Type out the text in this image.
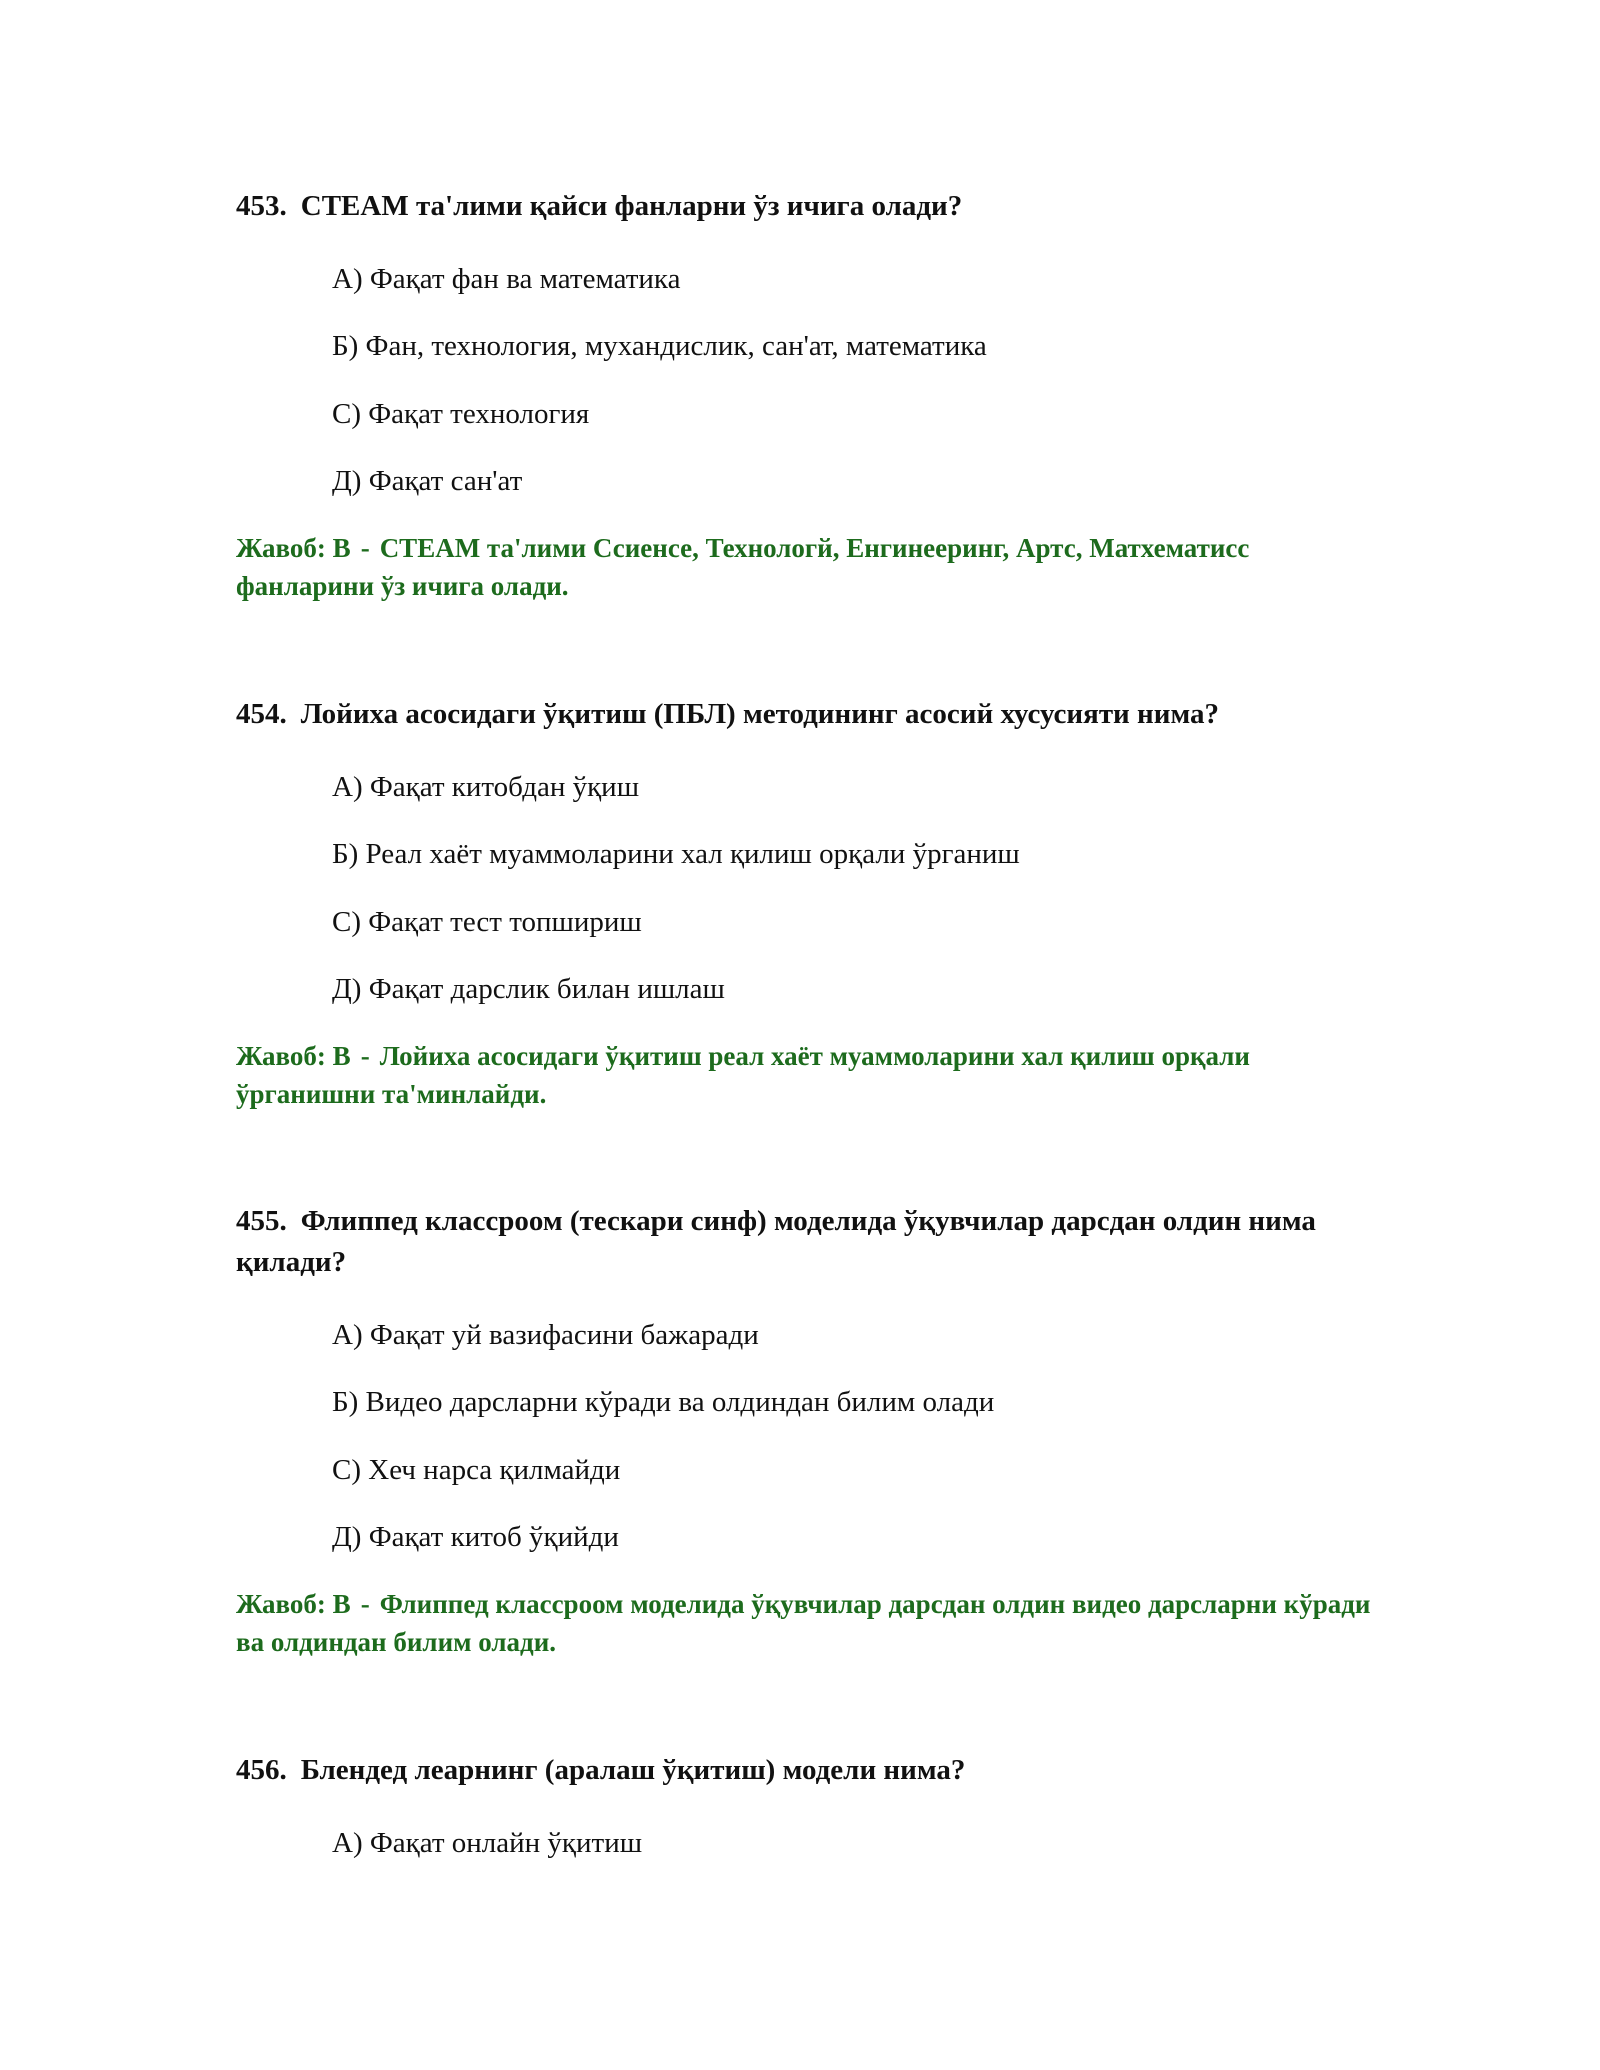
453. СТЕАМ та'лими қайси фанларни ўз ичига олади?

А) Фақат фан ва математика
Б) Фан, технология, мухандислик, сан'ат, математика
С) Фақат технология
Д) Фақат сан'ат

Жавоб: B - СТЕАМ та'лими Ссиенсе, Технологй, Енгинееринг, Артс, Матхематисс фанларини ўз ичига олади.

454. Лойиха асосидаги ўқитиш (ПБЛ) методининг асосий хусусияти нима?

А) Фақат китобдан ўқиш
Б) Реал хаёт муаммоларини хал қилиш орқали ўрганиш
С) Фақат тест топшириш
Д) Фақат дарслик билан ишлаш

Жавоб: B - Лойиха асосидаги ўқитиш реал хаёт муаммоларини хал қилиш орқали ўрганишни та'минлайди.

455. Флиппед классроом (тескари синф) моделида ўқувчилар дарсдан олдин нима қилади?

А) Фақат уй вазифасини бажаради
Б) Видео дарсларни кўради ва олдиндан билим олади
С) Хеч нарса қилмайди
Д) Фақат китоб ўқийди

Жавоб: B - Флиппед классроом моделида ўқувчилар дарсдан олдин видео дарсларни кўради ва олдиндан билим олади.

456. Блендед леарнинг (аралаш ўқитиш) модели нима?

А) Фақат онлайн ўқитиш
